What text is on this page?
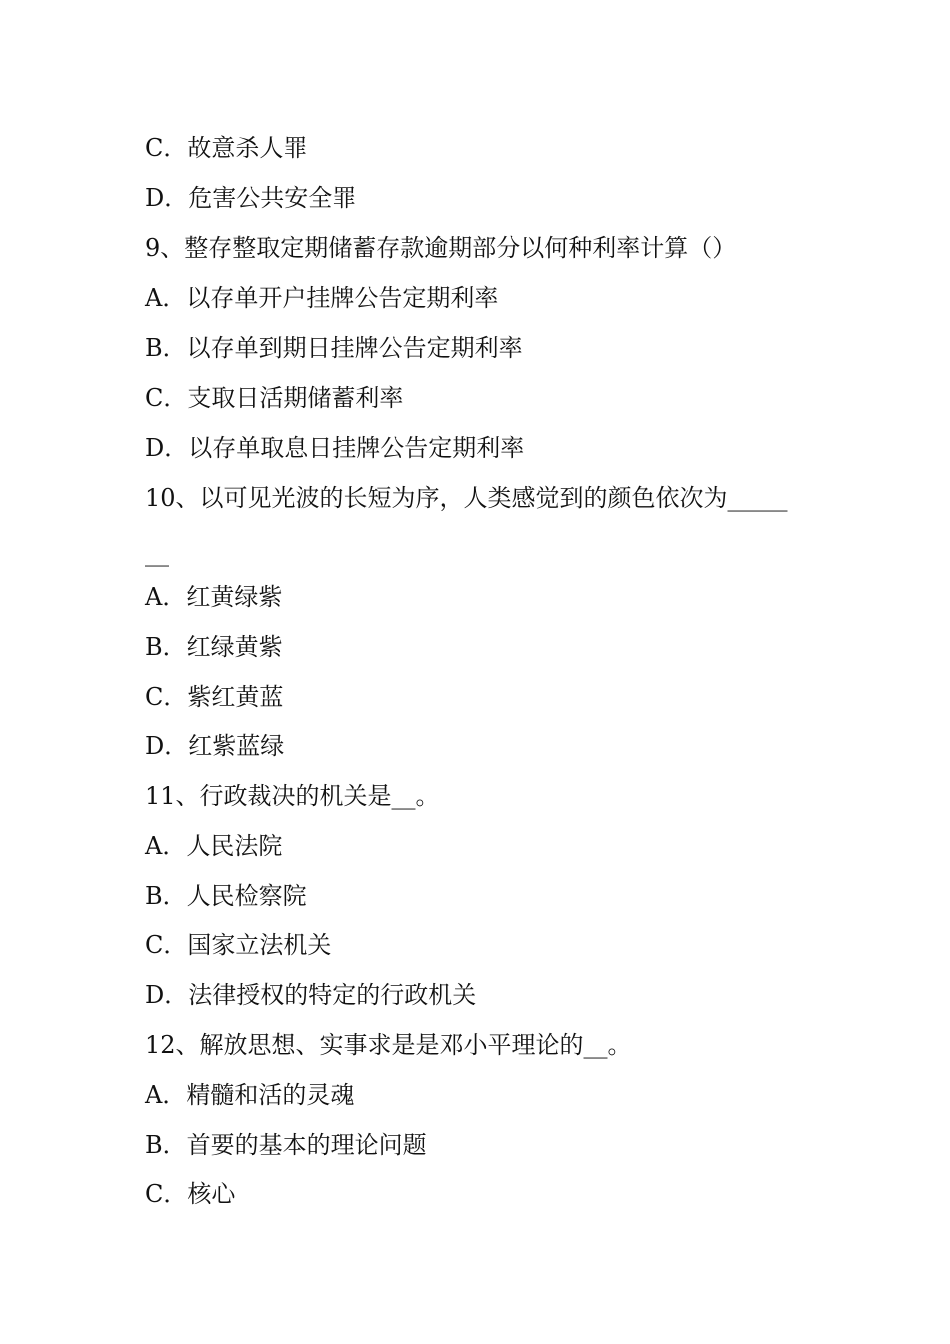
C．故意杀人罪
D．危害公共安全罪
9、整存整取定期储蓄存款逾期部分以何种利率计算（）
A．以存单开户挂牌公告定期利率
B．以存单到期日挂牌公告定期利率
C．支取日活期储蓄利率
D．以存单取息日挂牌公告定期利率
10、以可见光波的长短为序，人类感觉到的颜色依次为_____
__
A．红黄绿紫
B．红绿黄紫
C．紫红黄蓝
D．红紫蓝绿
11、行政裁决的机关是__。
A．人民法院
B．人民检察院
C．国家立法机关
D．法律授权的特定的行政机关
12、解放思想、实事求是是邓小平理论的__。
A．精髓和活的灵魂
B．首要的基本的理论问题
C．核心
